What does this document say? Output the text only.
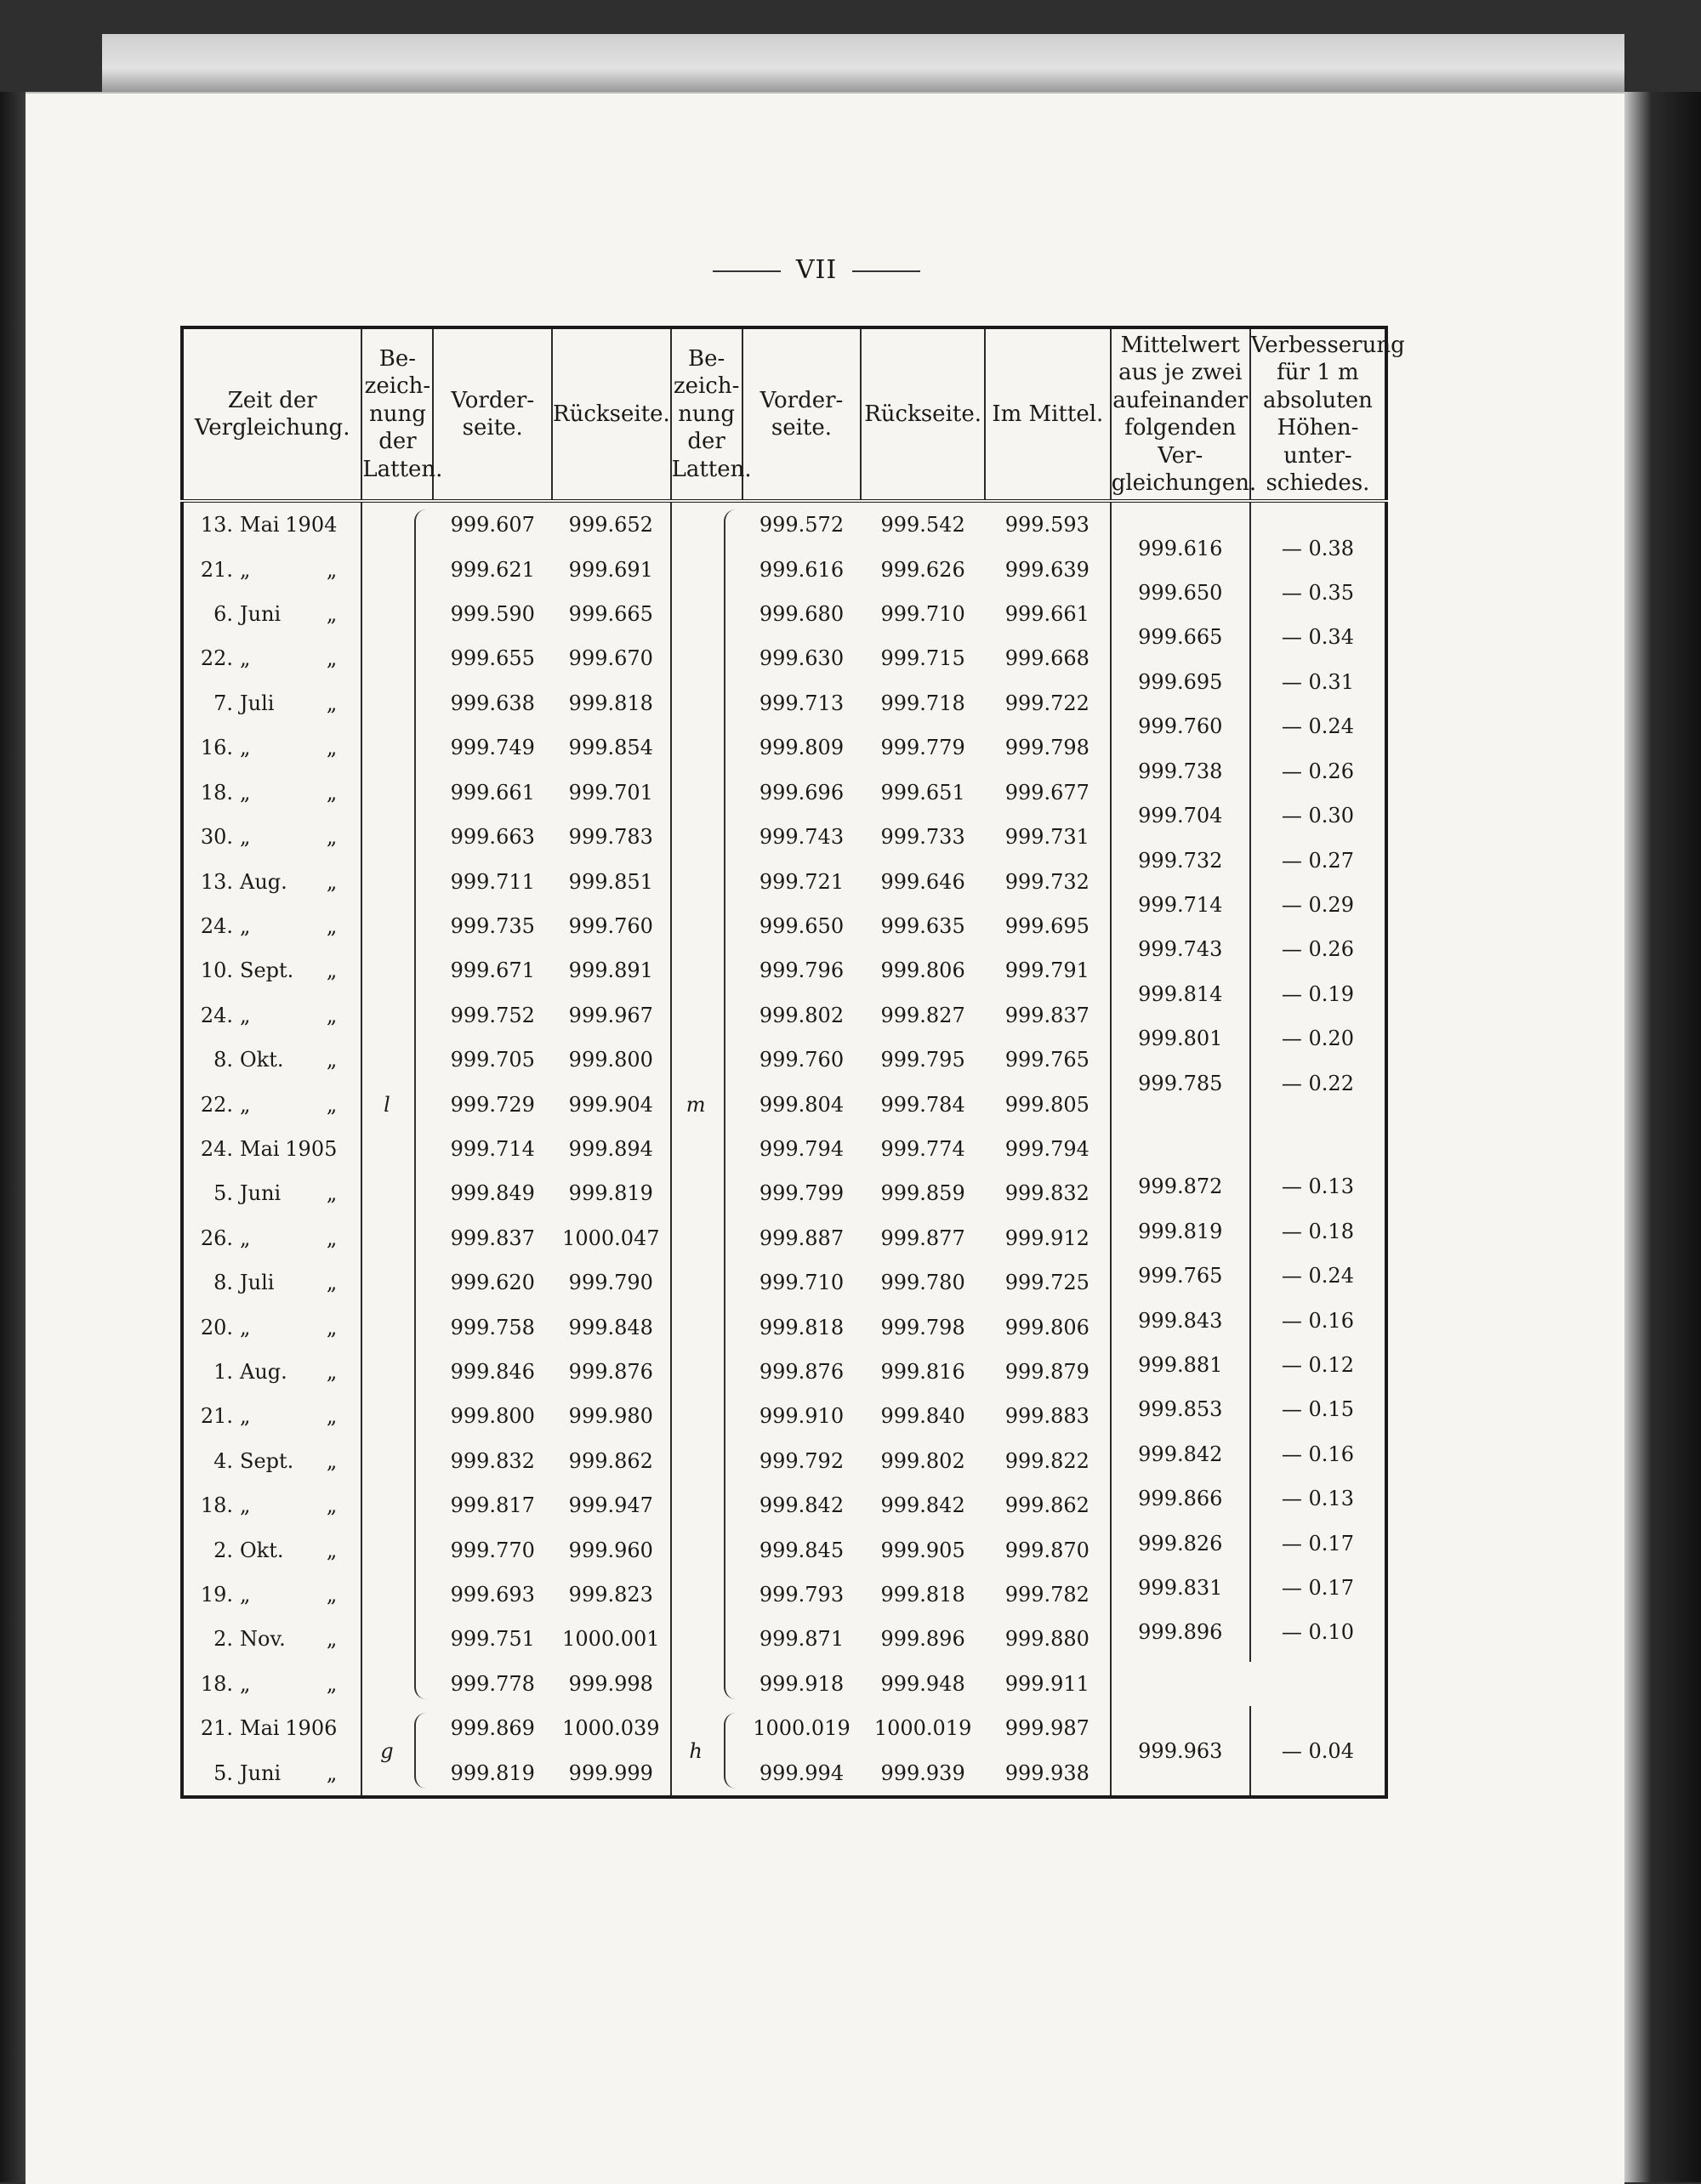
VII
Zeit der Vergleichung.	Be- zeich- nung der Latten.	Vorder- seite.	Rückseite.	Be- zeich- nung der Latten.	Vorder- seite.	Rückseite.	Im Mittel.	Mittelwert aus je zwei aufeinander folgenden Ver- gleichungen.	Verbesserung für 1 m absoluten Höhen- unter- schiedes.
13. Mai 1904	l	999.607	999.652	m	999.572	999.542	999.593		
21. „ „		999.621	999.691		999.616	999.626	999.639	999.616	— 0.38
6. Juni „		999.590	999.665		999.680	999.710	999.661	999.650	— 0.35
22. „ „		999.655	999.670		999.630	999.715	999.668	999.665	— 0.34
7. Juli „		999.638	999.818		999.713	999.718	999.722	999.695	— 0.31
16. „ „		999.749	999.854		999.809	999.779	999.798	999.760	— 0.24
18. „ „		999.661	999.701		999.696	999.651	999.677	999.738	— 0.26
30. „ „		999.663	999.783		999.743	999.733	999.731	999.704	— 0.30
13. Aug. „		999.711	999.851		999.721	999.646	999.732	999.732	— 0.27
24. „ „		999.735	999.760		999.650	999.635	999.695	999.714	— 0.29
10. Sept. „		999.671	999.891		999.796	999.806	999.791	999.743	— 0.26
24. „ „		999.752	999.967		999.802	999.827	999.837	999.814	— 0.19
8. Okt. „		999.705	999.800		999.760	999.795	999.765	999.801	— 0.20
22. „ „		999.729	999.904		999.804	999.784	999.805	999.785	— 0.22
24. Mai 1905		999.714	999.894		999.794	999.774	999.794		
5. Juni „		999.849	999.819		999.799	999.859	999.832	999.872	— 0.13
26. „ „		999.837	1000.047		999.887	999.877	999.912	999.819	— 0.18
8. Juli „		999.620	999.790		999.710	999.780	999.725	999.765	— 0.24
20. „ „		999.758	999.848		999.818	999.798	999.806	999.843	— 0.16
1. Aug. „		999.846	999.876		999.876	999.816	999.879	999.881	— 0.12
21. „ „		999.800	999.980		999.910	999.840	999.883	999.853	— 0.15
4. Sept. „		999.832	999.862		999.792	999.802	999.822	999.842	— 0.16
18. „ „		999.817	999.947		999.842	999.842	999.862	999.866	— 0.13
2. Okt. „		999.770	999.960		999.845	999.905	999.870	999.826	— 0.17
19. „ „		999.693	999.823		999.793	999.818	999.782	999.831	— 0.17
2. Nov. „		999.751	1000.001		999.871	999.896	999.880	999.896	— 0.10
18. „ „		999.778	999.998		999.918	999.948	999.911		
21. Mai 1906	g	999.869	1000.039	h	1000.019	1000.019	999.987	999.963	— 0.04
5. Juni „		999.819	999.999		999.994	999.939	999.938		
